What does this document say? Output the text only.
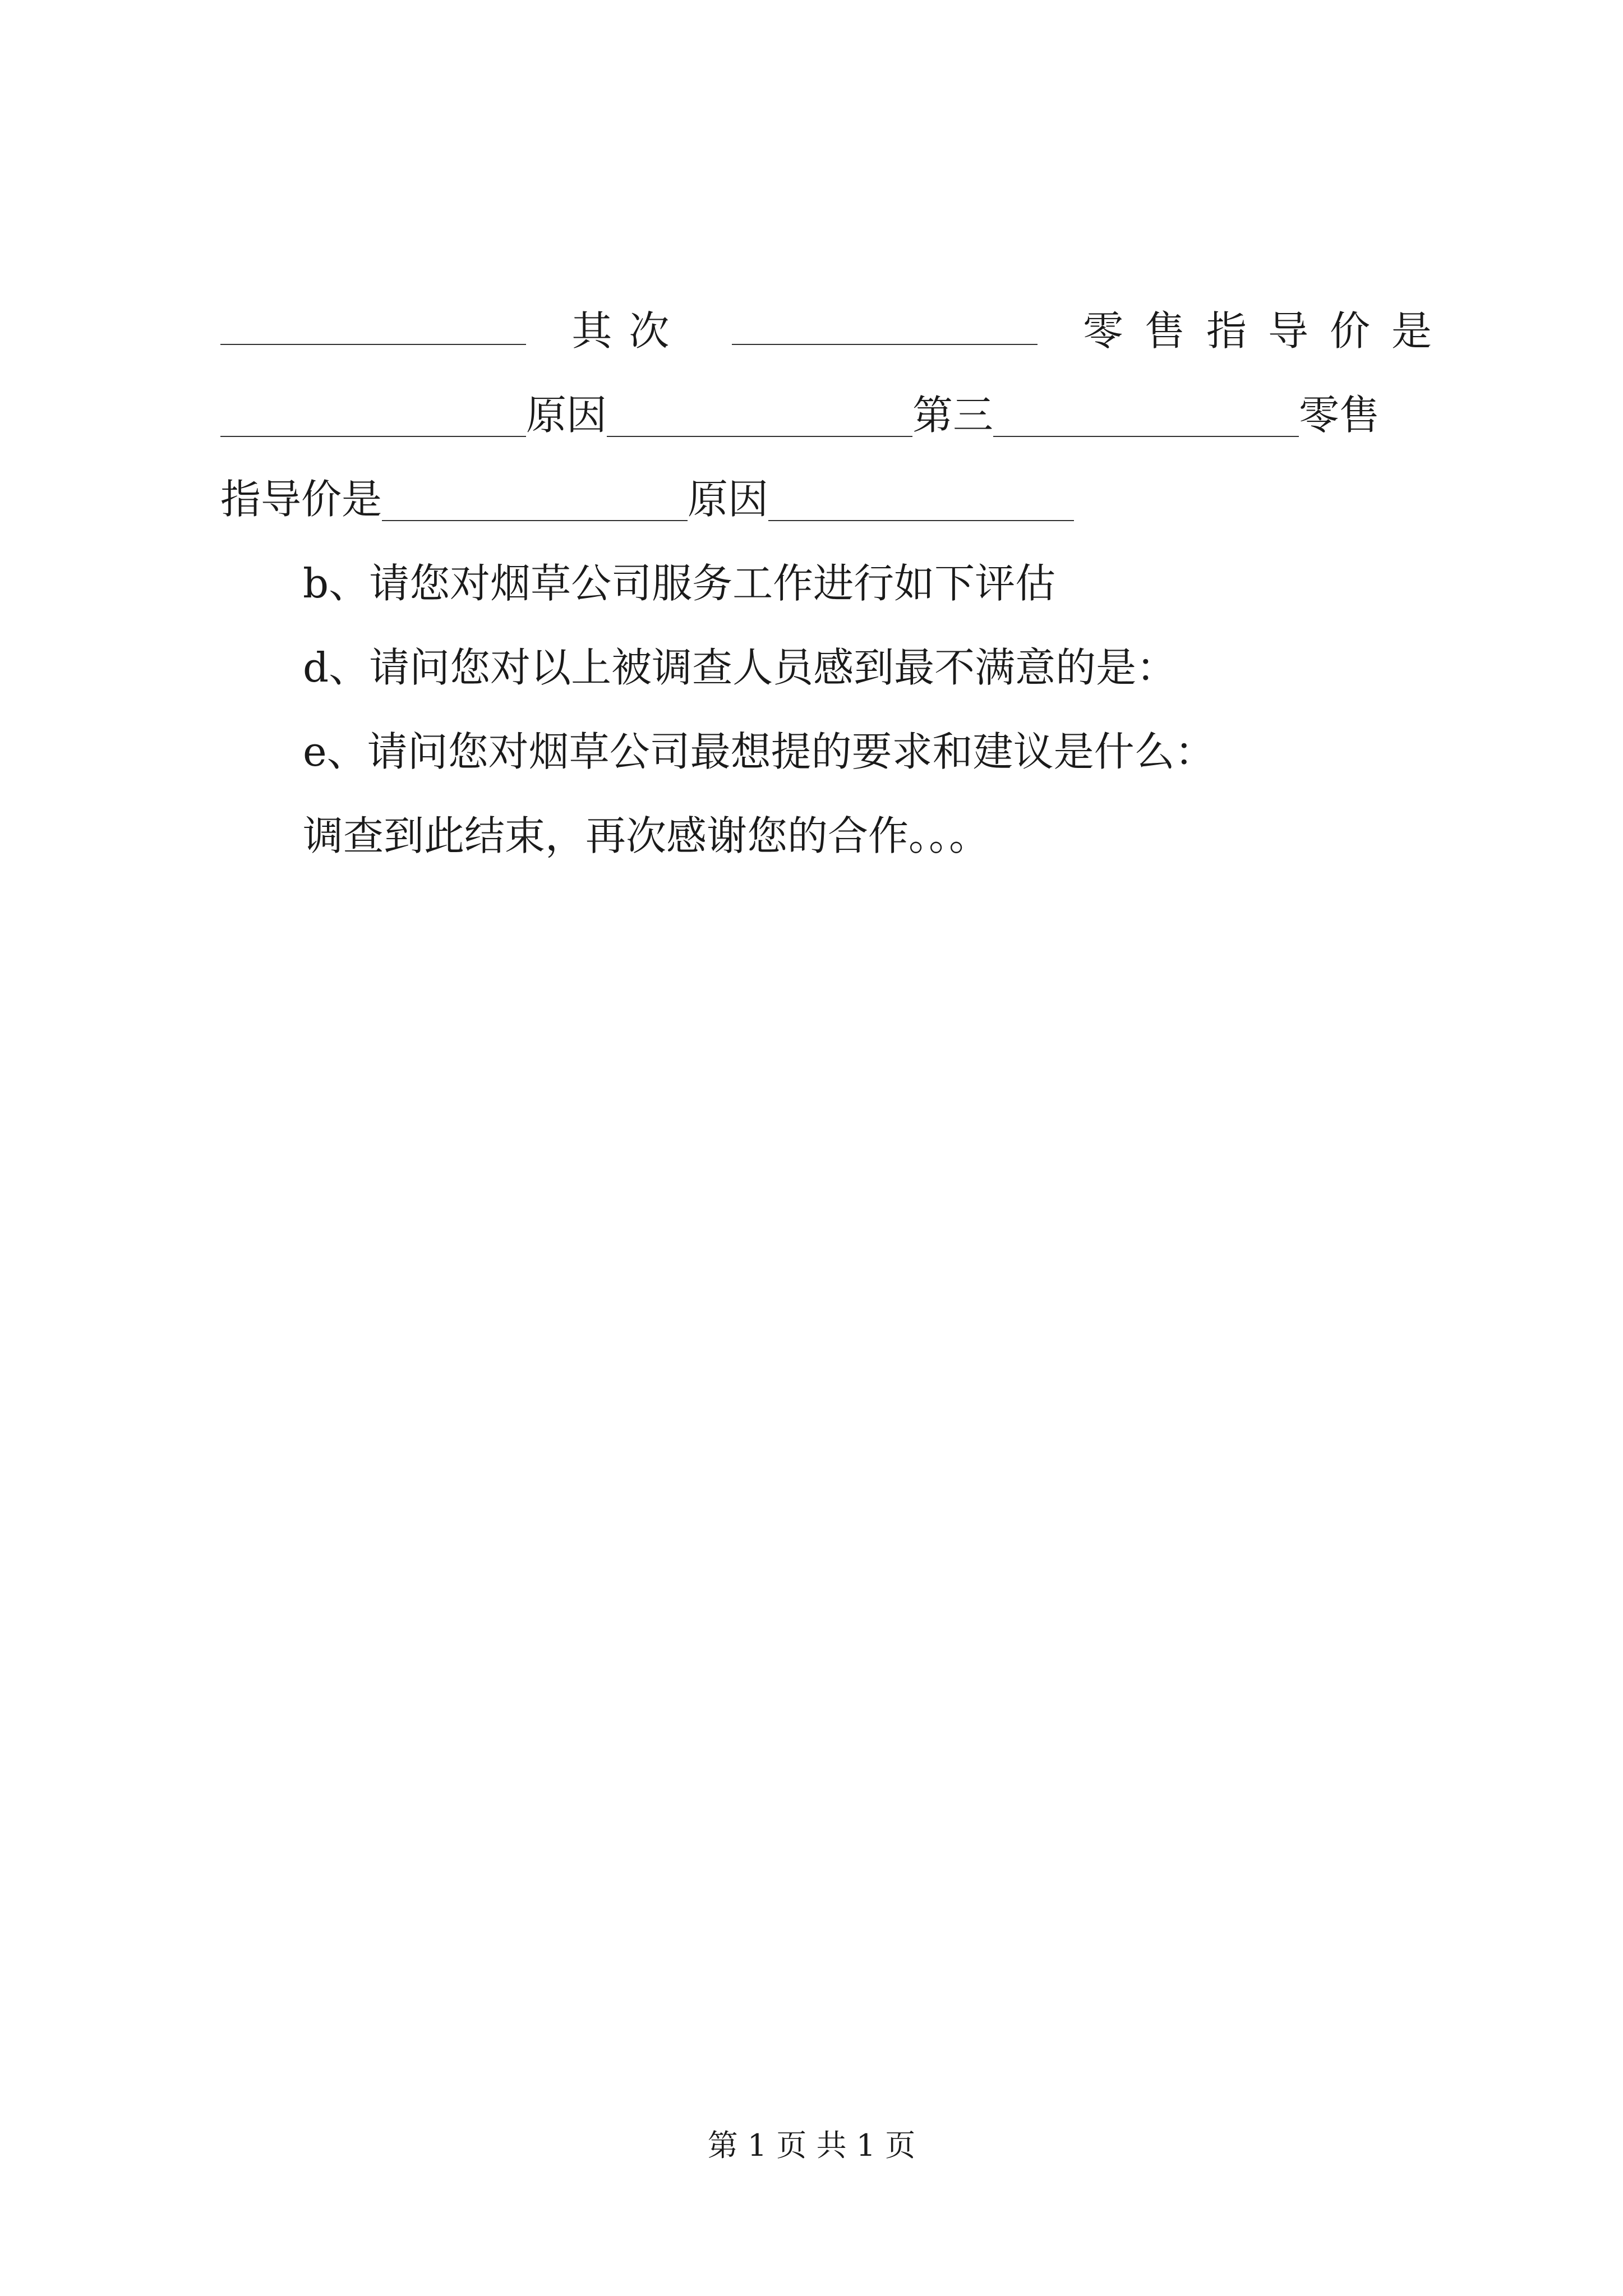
其次	零售指导价是
原因	第三	零售
指导价是	原因
b、请您对烟草公司服务工作进行如下评估
d、请问您对以上被调查人员感到最不满意的是：
e、请问您对烟草公司最想提的要求和建议是什么：
调查到此结束，再次感谢您的合作。。。
第 1 页 共 1 页
